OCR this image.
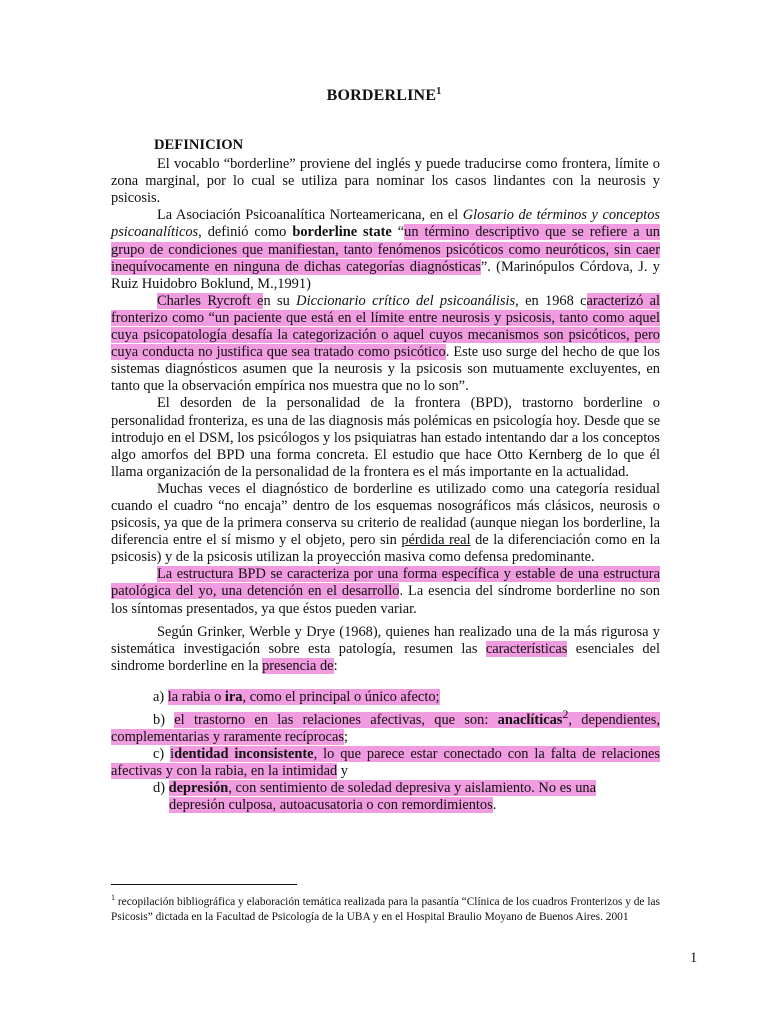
BORDERLINE$^1$
DEFINICION

El vocablo “borderline” proviene del inglés y puede traducirse como frontera, límite o zona marginal, por lo cual se utiliza para nominar los casos lindantes con la neurosis y psicosis.

La Asociación Psicoanalítica Norteamericana, en el Glosario de términos y conceptos psicoanalíticos, definió como borderline state “un término descriptivo que se refiere a un grupo de condiciones que manifiestan, tanto fenómenos psicóticos como neuróticos, sin caer inequívocamente en ninguna de dichas categorías diagnósticas”. (Marinópulos Córdova, J. y Ruiz Huidobro Boklund, M.,1991)

Charles Rycroft en su Diccionario crítico del psicoanálisis, en 1968 caracterizó al fronterizo como “un paciente que está en el límite entre neurosis y psicosis, tanto como aquel cuya psicopatología desafía la categorización o aquel cuyos mecanismos son psicóticos, pero cuya conducta no justifica que sea tratado como psicótico. Este uso surge del hecho de que los sistemas diagnósticos asumen que la neurosis y la psicosis son mutuamente excluyentes, en tanto que la observación empírica nos muestra que no lo son”.

El desorden de la personalidad de la frontera (BPD), trastorno borderline o personalidad fronteriza, es una de las diagnosis más polémicas en psicología hoy. Desde que se introdujo en el DSM, los psicólogos y los psiquiatras han estado intentando dar a los conceptos algo amorfos del BPD una forma concreta. El estudio que hace Otto Kernberg de lo que él llama organización de la personalidad de la frontera es el más importante en la actualidad.

Muchas veces el diagnóstico de borderline es utilizado como una categoría residual cuando el cuadro “no encaja” dentro de los esquemas nosográficos más clásicos, neurosis o psicosis, ya que de la primera conserva su criterio de realidad (aunque niegan los borderline, la diferencia entre el sí mismo y el objeto, pero sin pérdida real de la diferenciación como en la psicosis) y de la psicosis utilizan la proyección masiva como defensa predominante.

La estructura BPD se caracteriza por una forma específica y estable de una estructura patológica del yo, una detención en el desarrollo. La esencia del síndrome borderline no son los síntomas presentados, ya que éstos pueden variar.

Según Grinker, Werble y Drye (1968), quienes han realizado una de la más rigurosa y sistemática investigación sobre esta patología, resumen las características esenciales del sindrome borderline en la presencia de:

a) la rabia o ira, como el principal o único afecto;
b) el trastorno en las relaciones afectivas, que son: anaclíticas$^2$, dependientes, complementarias y raramente recíprocas;
c) identidad inconsistente, lo que parece estar conectado con la falta de relaciones afectivas y con la rabia, en la intimidad y
d) depresión, con sentimiento de soledad depresiva y aislamiento. No es una
depresión culposa, autoacusatoria o con remordimientos.
$^1$ recopilación bibliográfica y elaboración temática realizada para la pasantía “Clínica de los cuadros Fronterizos y de las Psicosis” dictada en la Facultad de Psicología de la UBA y en el Hospital Braulio Moyano de Buenos Aires. 2001
1
